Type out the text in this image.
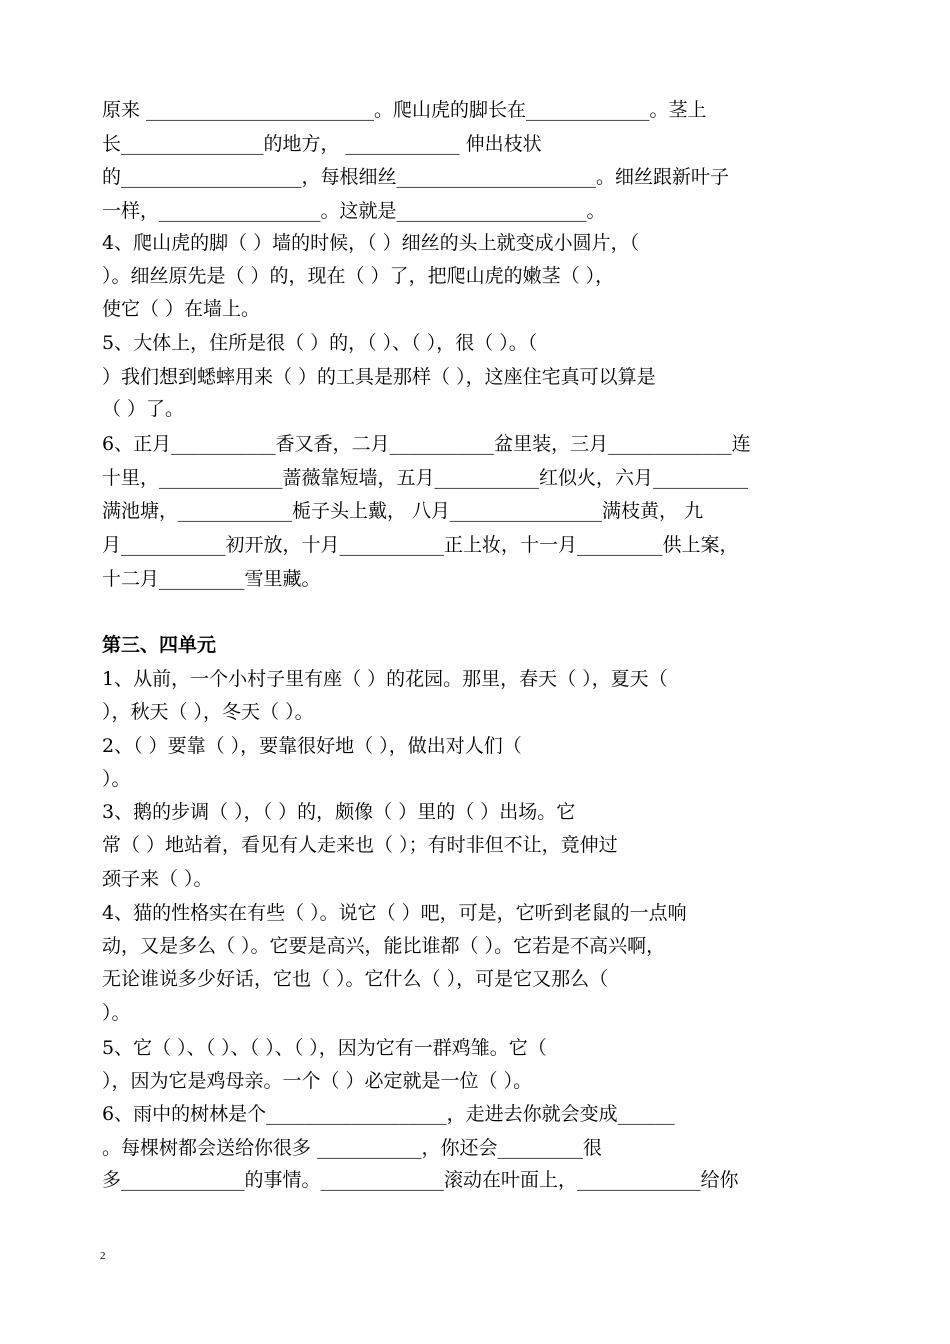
原来 ________________________。爬山虎的脚长在_____________。茎上
长_______________的地方， ____________ 伸出枝状
的___________________，每根细丝_____________________。细丝跟新叶子
一样，_________________。这就是____________________。
4、爬山虎的脚（ ）墙的时候，（ ）细丝的头上就变成小圆片，（
）。细丝原先是（ ）的，现在（ ）了，把爬山虎的嫩茎（ ），
使它（ ）在墙上。
5、大体上，住所是很（ ）的，（ ）、（ ），很（ ）。（
）我们想到蟋蟀用来（ ）的工具是那样（ ），这座住宅真可以算是
（ ）了。
6、正月___________香又香，二月___________盆里装，三月_____________连
十里，_____________蔷薇靠短墙，五月___________红似火，六月__________
满池塘，____________栀子头上戴， 八月________________满枝黄， 九
月___________初开放，十月___________正上妆，十一月_________供上案，
十二月_________雪里藏。
第三、四单元
1、从前，一个小村子里有座（ ）的花园。那里，春天（ ），夏天（
），秋天（ ），冬天（ ）。
2、（ ）要靠（ ），要靠很好地（ ），做出对人们（
）。
3、鹅的步调（ ），（ ）的，颇像（ ）里的（ ）出场。它
常（ ）地站着，看见有人走来也（ ）；有时非但不让，竟伸过
颈子来（ ）。
4、猫的性格实在有些（ ）。说它（ ）吧，可是，它听到老鼠的一点响
动，又是多么（ ）。它要是高兴，能比谁都（ ）。它若是不高兴啊，
无论谁说多少好话，它也（ ）。它什么（ ），可是它又那么（
）。
5、它（ ）、（ ）、（ ）、（ ），因为它有一群鸡雏。它（
），因为它是鸡母亲。一个（ ）必定就是一位（ ）。
6、雨中的树林是个___________________，走进去你就会变成______
。每棵树都会送给你很多 ___________，你还会_________很
多_____________的事情。_____________滚动在叶面上，_____________给你
2
